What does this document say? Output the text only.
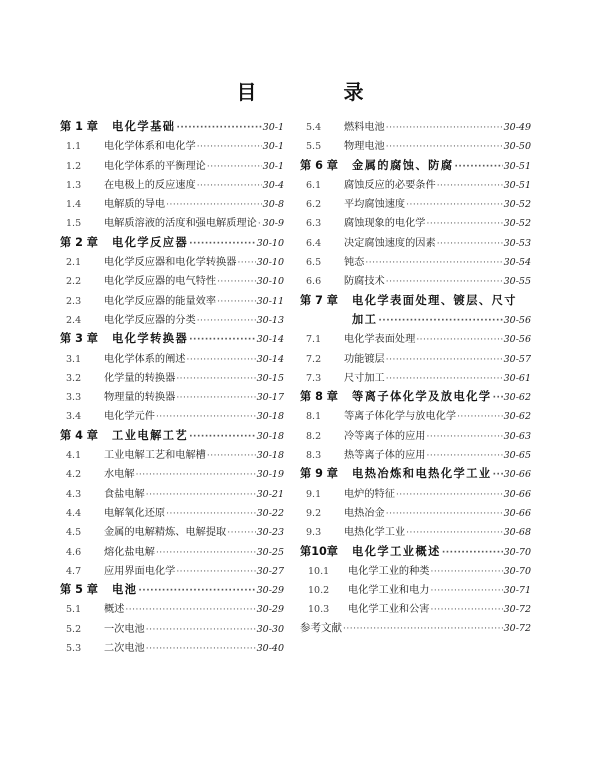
目 录
第 1 章	电化学基础 ·····	30-1
1.1	电化学体系和电化学 ·····	30-1
1.2	电化学体系的平衡理论 ·····	30-1
1.3	在电极上的反应速度 ·····	30-4
1.4	电解质的导电 ·····	30-8
1.5	电解质溶液的活度和强电解质理论 ····· 30-9
第 2 章	电化学反应器 ·····	30-10
2.1	电化学反应器和电化学转换器 ····· 30-10
2.2	电化学反应器的电气特性 ·····	30-10
2.3	电化学反应器的能量效率 ·····	30-11
2.4	电化学反应器的分类 ·····	30-13
第 3 章	电化学转换器 ·····	30-14
3.1	电化学体系的阐述 ·····	30-14
3.2	化学量的转换器 ·····	30-15
3.3	物理量的转换器 ·····	30-17
3.4	电化学元件 ·····	30-18
第 4 章	工业电解工艺 ·····	30-18
4.1	工业电解工艺和电解槽 ·····	30-18
4.2	水电解 ·····	30-19
4.3	食盐电解 ·····	30-21
4.4	电解氧化还原 ·····	30-22
4.5	金属的电解精炼、电解提取 ·····	30-23
4.6	熔化盐电解 ·····	30-25
4.7	应用界面电化学 ·····	30-27
第 5 章	电池 ·····	30-29
5.1	概述 ·····	30-29
5.2	一次电池 ·····	30-30
5.3	二次电池 ·····	30-40
5.4	燃料电池 ·····	30-49
5.5	物理电池 ·····	30-50
第 6 章	金属的腐蚀、防腐 ·····	30-51
6.1	腐蚀反应的必要条件 ·····	30-51
6.2	平均腐蚀速度 ·····	30-52
6.3	腐蚀现象的电化学 ·····	30-52
6.4	决定腐蚀速度的因素 ·····	30-53
6.5	钝态 ·····	30-54
6.6	防腐技术 ·····	30-55
第 7 章	电化学表面处理、镀层、尺寸
加工 ·····	30-56
7.1	电化学表面处理 ·····	30-56
7.2	功能镀层 ·····	30-57
7.3	尺寸加工 ·····	30-61
第 8 章	等离子体化学及放电化学 ····· 30-62
8.1	等离子体化学与放电化学 ·····	30-62
8.2	冷等离子体的应用 ·····	30-63
8.3	热等离子体的应用 ·····	30-65
第 9 章	电热冶炼和电热化学工业 ····· 30-66
9.1	电炉的特征 ·····	30-66
9.2	电热冶金 ·····	30-66
9.3	电热化学工业 ·····	30-68
第10章	电化学工业概述 ·····	30-70
10.1	电化学工业的种类 ·····	30-70
10.2	电化学工业和电力 ·····	30-71
10.3	电化学工业和公害 ·····	30-72
参考文献 ·····	30-72
